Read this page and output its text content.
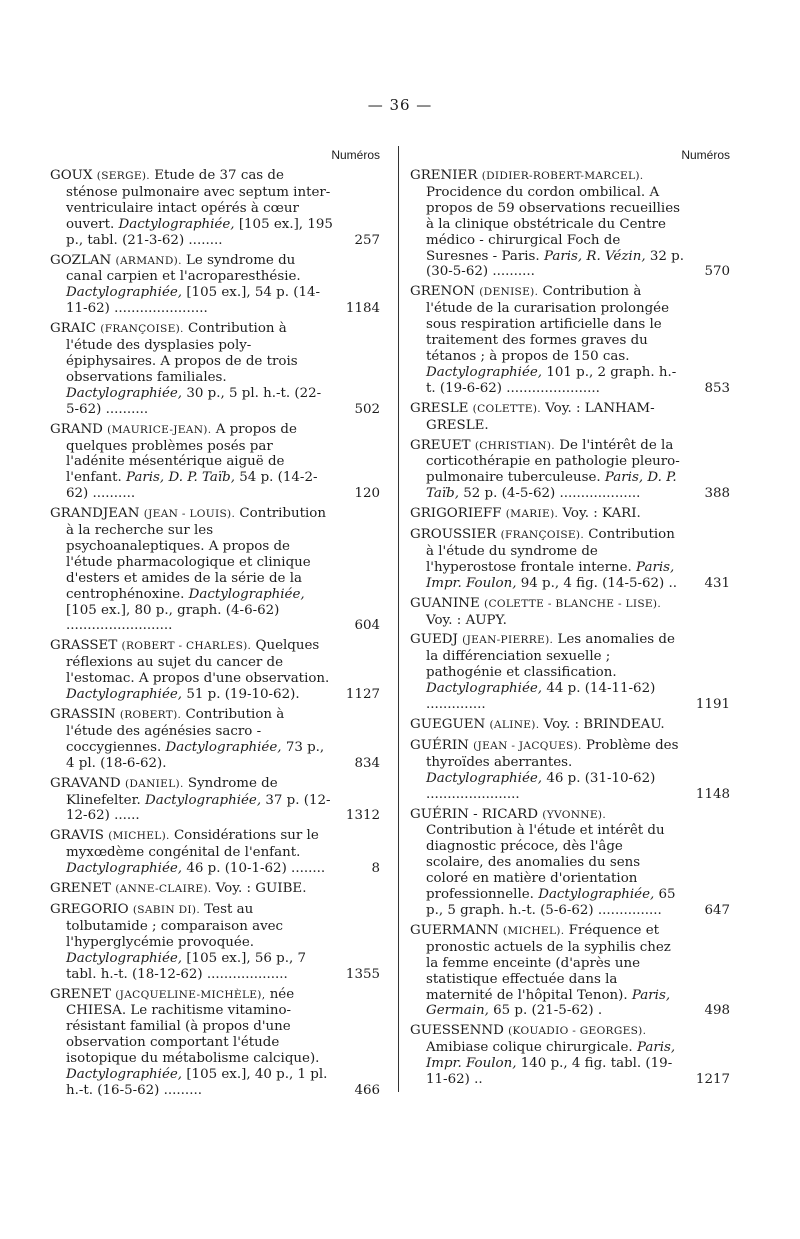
— 36 —
Numéros
GOUX (SERGE). Etude de 37 cas de sténose pulmonaire avec septum inter-ventriculaire intact opérés à cœur ouvert. Dactylographiée, [105 ex.], 195 p., tabl. (21-3-62) ........	257
GOZLAN (ARMAND). Le syndrome du canal carpien et l'acroparesthésie. Dactylographiée, [105 ex.], 54 p. (14-11-62) ......................	1184
GRAIC (FRANÇOISE). Contribution à l'étude des dysplasies poly-épiphysaires. A propos de de trois observations familiales. Dactylographiée, 30 p., 5 pl. h.-t. (22-5-62) ..........	502
GRAND (MAURICE-JEAN). A propos de quelques problèmes posés par l'adénite mésentérique aiguë de l'enfant. Paris, D. P. Taïb, 54 p. (14-2-62) ..........	120
GRANDJEAN (JEAN - LOUIS). Contribution à la recherche sur les psychoanaleptiques. A propos de l'étude pharmacologique et clinique d'esters et amides de la série de la centrophénoxine. Dactylographiée, [105 ex.], 80 p., graph. (4-6-62) .........................	604
GRASSET (ROBERT - CHARLES). Quelques réflexions au sujet du cancer de l'estomac. A propos d'une observation. Dactylographiée, 51 p. (19-10-62).	1127
GRASSIN (ROBERT). Contribution à l'étude des agénésies sacro - coccygiennes. Dactylographiée, 73 p., 4 pl. (18-6-62).	834
GRAVAND (DANIEL). Syndrome de Klinefelter. Dactylographiée, 37 p. (12-12-62) ......	1312
GRAVIS (MICHEL). Considérations sur le myxœdème congénital de l'enfant. Dactylographiée, 46 p. (10-1-62) ........	8
GRENET (ANNE-CLAIRE). Voy. : GUIBE.
GREGORIO (SABIN DI). Test au tolbutamide ; comparaison avec l'hyperglycémie provoquée. Dactylographiée, [105 ex.], 56 p., 7 tabl. h.-t. (18-12-62) ...................	1355
GRENET (JACQUELINE-MICHÈLE), née CHIESA. Le rachitisme vitamino-résistant familial (à propos d'une observation comportant l'étude isotopique du métabolisme calcique). Dactylographiée, [105 ex.], 40 p., 1 pl. h.-t. (16-5-62) .........	466
Numéros
GRENIER (DIDIER-ROBERT-MARCEL). Procidence du cordon ombilical. A propos de 59 observations recueillies à la clinique obstétricale du Centre médico - chirurgical Foch de Suresnes - Paris. Paris, R. Vézin, 32 p. (30-5-62) ..........	570
GRENON (DENISE). Contribution à l'étude de la curarisation prolongée sous respiration artificielle dans le traitement des formes graves du tétanos ; à propos de 150 cas. Dactylographiée, 101 p., 2 graph. h.-t. (19-6-62) ......................	853
GRESLE (COLETTE). Voy. : LANHAM-GRESLE.
GREUET (CHRISTIAN). De l'intérêt de la corticothérapie en pathologie pleuro-pulmonaire tuberculeuse. Paris, D. P. Taïb, 52 p. (4-5-62) ...................	388
GRIGORIEFF (MARIE). Voy. : KARI.
GROUSSIER (FRANÇOISE). Contribution à l'étude du syndrome de l'hyperostose frontale interne. Paris, Impr. Foulon, 94 p., 4 fig. (14-5-62) ..	431
GUANINE (COLETTE - BLANCHE - LISE). Voy. : AUPY.
GUEDJ (JEAN-PIERRE). Les anomalies de la différenciation sexuelle ; pathogénie et classification. Dactylographiée, 44 p. (14-11-62) ..............	1191
GUEGUEN (ALINE). Voy. : BRINDEAU.
GUÉRIN (JEAN - JACQUES). Problème des thyroïdes aberrantes. Dactylographiée, 46 p. (31-10-62) ......................	1148
GUÉRIN - RICARD (YVONNE). Contribution à l'étude et intérêt du diagnostic précoce, dès l'âge scolaire, des anomalies du sens coloré en matière d'orientation professionnelle. Dactylographiée, 65 p., 5 graph. h.-t. (5-6-62) ...............	647
GUERMANN (MICHEL). Fréquence et pronostic actuels de la syphilis chez la femme enceinte (d'après une statistique effectuée dans la maternité de l'hôpital Tenon). Paris, Germain, 65 p. (21-5-62) .	498
GUESSENND (KOUADIO - GEORGES). Amibiase colique chirurgicale. Paris, Impr. Foulon, 140 p., 4 fig. tabl. (19-11-62) ..	1217
